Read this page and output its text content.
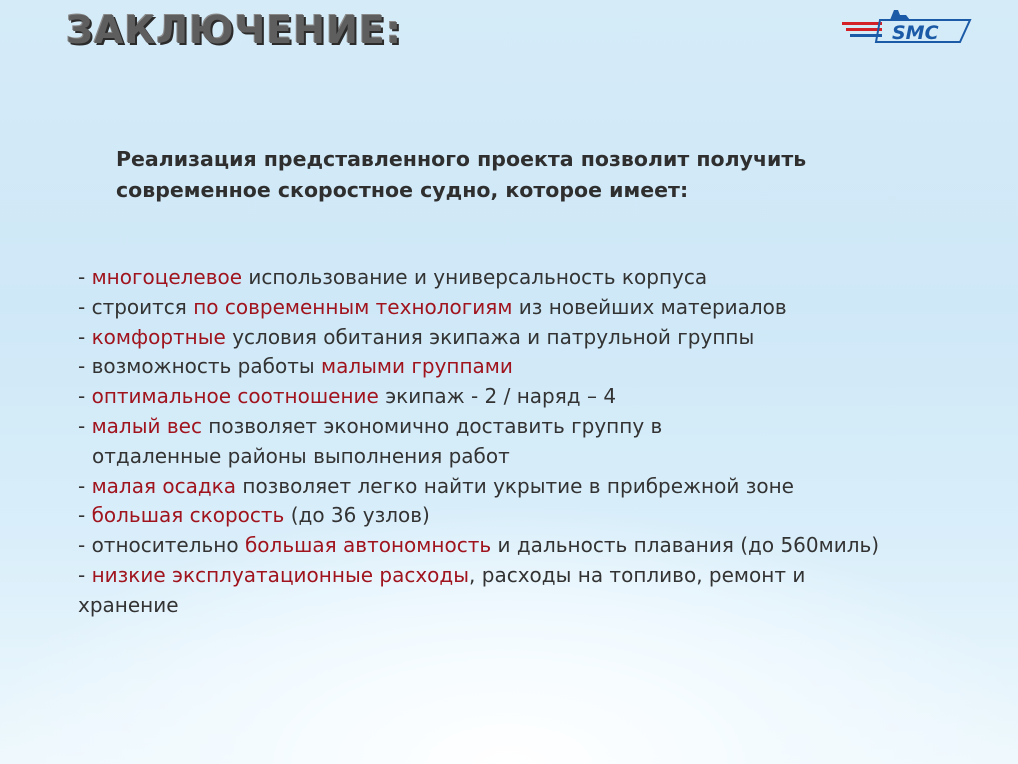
ЗАКЛЮЧЕНИЕ:	SMC
Реализация представленного проекта позволит получить
современное скоростное судно, которое имеет:
- многоцелевое использование и универсальность корпуса
- строится по современным технологиям из новейших материалов
- комфортные условия обитания экипажа и патрульной группы
- возможность работы малыми группами
- оптимальное соотношение экипаж - 2 / наряд – 4
- малый вес позволяет экономично доставить группу в
отдаленные районы выполнения работ
- малая осадка позволяет легко найти укрытие в прибрежной зоне
- большая скорость (до 36 узлов)
- относительно большая автономность и дальность плавания (до 560миль)
- низкие эксплуатационные расходы, расходы на топливо, ремонт и
хранение
